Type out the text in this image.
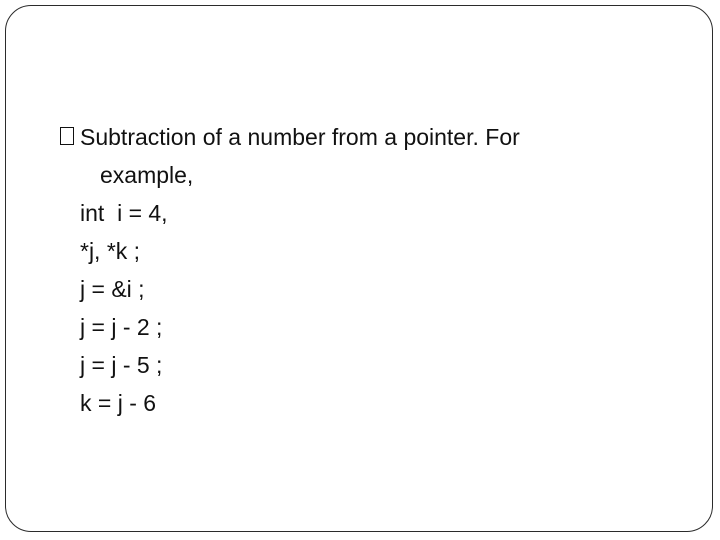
Subtraction of a number from a pointer. For
example,
int  i = 4,
*j, *k ;
j = &i ;
j = j - 2 ;
j = j - 5 ;
k = j - 6
